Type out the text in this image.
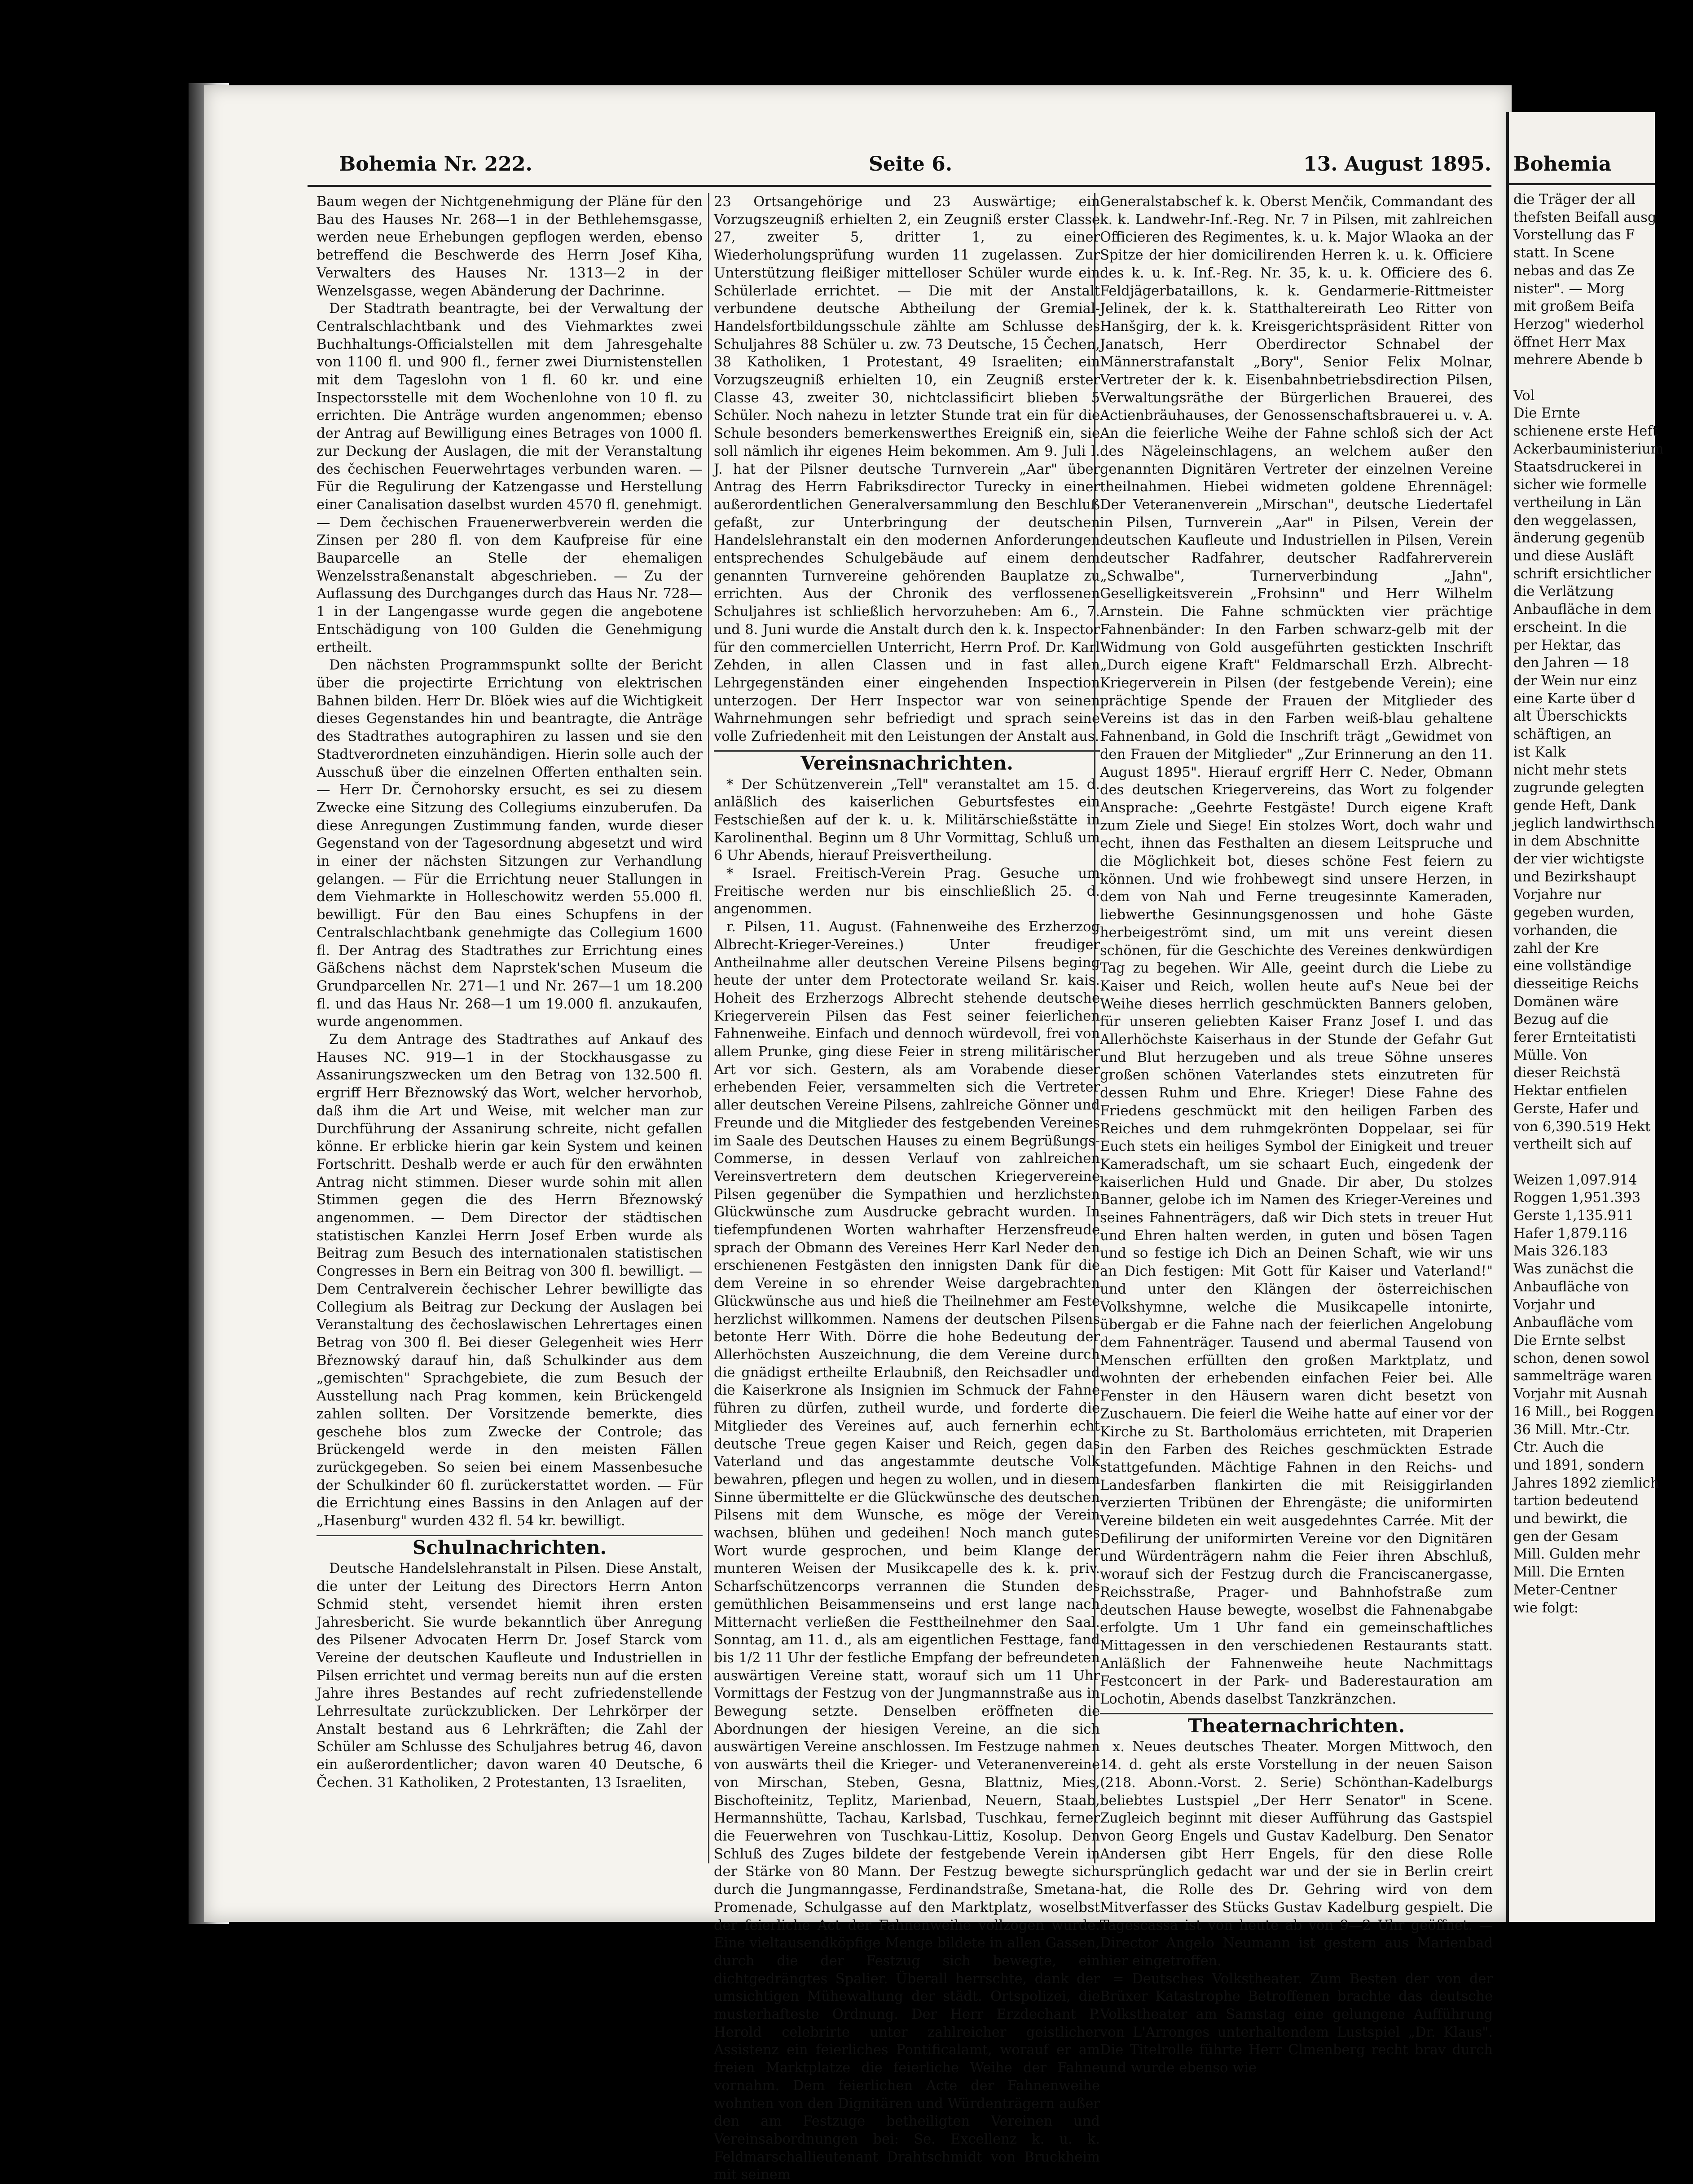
Bohemia Nr. 222.	Seite 6.	13. August 1895.

Baum wegen der Nichtgenehmigung der Pläne für den Bau des Hauses Nr. 268—1 in der Bethlehemsgasse, werden neue Erhebungen gepflogen werden, ebenso betreffend die Beschwerde des Herrn Josef Kiha, Verwalters des Hauses Nr. 1313—2 in der Wenzelsgasse, wegen Abänderung der Dachrinne.

Der Stadtrath beantragte, bei der Verwaltung der Centralschlachtbank und des Viehmarktes zwei Buchhaltungs-Officialstellen mit dem Jahresgehalte von 1100 fl. und 900 fl., ferner zwei Diurnistenstellen mit dem Tageslohn von 1 fl. 60 kr. und eine Inspectorsstelle mit dem Wochenlohne von 10 fl. zu errichten. Die Anträge wurden angenommen; ebenso der Antrag auf Bewilligung eines Betrages von 1000 fl. zur Deckung der Auslagen, die mit der Veranstaltung des čechischen Feuerwehrtages verbunden waren. — Für die Regulirung der Katzengasse und Herstellung einer Canalisation daselbst wurden 4570 fl. genehmigt. — Dem čechischen Frauenerwerbverein werden die Zinsen per 280 fl. von dem Kaufpreise für eine Bauparcelle an Stelle der ehemaligen Wenzelsstraßenanstalt abgeschrieben. — Zu der Auflassung des Durchganges durch das Haus Nr. 728—1 in der Langengasse wurde gegen die angebotene Entschädigung von 100 Gulden die Genehmigung ertheilt.

Den nächsten Programmspunkt sollte der Bericht über die projectirte Errichtung von elektrischen Bahnen bilden. Herr Dr. Blöek wies auf die Wichtigkeit dieses Gegenstandes hin und beantragte, die Anträge des Stadtrathes autographiren zu lassen und sie den Stadtverordneten einzuhändigen. Hierin solle auch der Ausschuß über die einzelnen Offerten enthalten sein. — Herr Dr. Černohorsky ersucht, es sei zu diesem Zwecke eine Sitzung des Collegiums einzuberufen. Da diese Anregungen Zustimmung fanden, wurde dieser Gegenstand von der Tagesordnung abgesetzt und wird in einer der nächsten Sitzungen zur Verhandlung gelangen. — Für die Errichtung neuer Stallungen in dem Viehmarkte in Holleschowitz werden 55.000 fl. bewilligt. Für den Bau eines Schupfens in der Centralschlachtbank genehmigte das Collegium 1600 fl. Der Antrag des Stadtrathes zur Errichtung eines Gäßchens nächst dem Naprstek'schen Museum die Grundparcellen Nr. 271—1 und Nr. 267—1 um 18.200 fl. und das Haus Nr. 268—1 um 19.000 fl. anzukaufen, wurde angenommen.

Zu dem Antrage des Stadtrathes auf Ankauf des Hauses NC. 919—1 in der Stockhausgasse zu Assanirungszwecken um den Betrag von 132.500 fl. ergriff Herr Březnowský das Wort, welcher hervorhob, daß ihm die Art und Weise, mit welcher man zur Durchführung der Assanirung schreite, nicht gefallen könne. Er erblicke hierin gar kein System und keinen Fortschritt. Deshalb werde er auch für den erwähnten Antrag nicht stimmen. Dieser wurde sohin mit allen Stimmen gegen die des Herrn Březnowský angenommen. — Dem Director der städtischen statistischen Kanzlei Herrn Josef Erben wurde als Beitrag zum Besuch des internationalen statistischen Congresses in Bern ein Beitrag von 300 fl. bewilligt. — Dem Centralverein čechischer Lehrer bewilligte das Collegium als Beitrag zur Deckung der Auslagen bei Veranstaltung des čechoslawischen Lehrertages einen Betrag von 300 fl. Bei dieser Gelegenheit wies Herr Březnowský darauf hin, daß Schulkinder aus dem „gemischten" Sprachgebiete, die zum Besuch der Ausstellung nach Prag kommen, kein Brückengeld zahlen sollten. Der Vorsitzende bemerkte, dies geschehe blos zum Zwecke der Controle; das Brückengeld werde in den meisten Fällen zurückgegeben. So seien bei einem Massenbesuche der Schulkinder 60 fl. zurückerstattet worden. — Für die Errichtung eines Bassins in den Anlagen auf der „Hasenburg" wurden 432 fl. 54 kr. bewilligt.

Schulnachrichten.

Deutsche Handelslehranstalt in Pilsen. Diese Anstalt, die unter der Leitung des Directors Herrn Anton Schmid steht, versendet hiemit ihren ersten Jahresbericht. Sie wurde bekanntlich über Anregung des Pilsener Advocaten Herrn Dr. Josef Starck vom Vereine der deutschen Kaufleute und Industriellen in Pilsen errichtet und vermag bereits nun auf die ersten Jahre ihres Bestandes auf recht zufriedenstellende Lehrresultate zurückzublicken. Der Lehrkörper der Anstalt bestand aus 6 Lehrkräften; die Zahl der Schüler am Schlusse des Schuljahres betrug 46, davon ein außerordentlicher; davon waren 40 Deutsche, 6 Čechen. 31 Katholiken, 2 Protestanten, 13 Israeliten,

23 Ortsangehörige und 23 Auswärtige; ein Vorzugszeugniß erhielten 2, ein Zeugniß erster Classe 27, zweiter 5, dritter 1, zu einer Wiederholungsprüfung wurden 11 zugelassen. Zur Unterstützung fleißiger mittelloser Schüler wurde ein Schülerlade errichtet. — Die mit der Anstalt verbundene deutsche Abtheilung der Gremial-Handelsfortbildungsschule zählte am Schlusse des Schuljahres 88 Schüler u. zw. 73 Deutsche, 15 Čechen, 38 Katholiken, 1 Protestant, 49 Israeliten; ein Vorzugszeugniß erhielten 10, ein Zeugniß erster Classe 43, zweiter 30, nichtclassificirt blieben 5 Schüler. Noch nahezu in letzter Stunde trat ein für die Schule besonders bemerkenswerthes Ereigniß ein, sie soll nämlich ihr eigenes Heim bekommen. Am 9. Juli l. J. hat der Pilsner deutsche Turnverein „Aar" über Antrag des Herrn Fabriksdirector Turecky in einer außerordentlichen Generalversammlung den Beschluß gefaßt, zur Unterbringung der deutschen Handelslehranstalt ein den modernen Anforderungen entsprechendes Schulgebäude auf einem dem genannten Turnvereine gehörenden Bauplatze zu errichten. Aus der Chronik des verflossenen Schuljahres ist schließlich hervorzuheben: Am 6., 7. und 8. Juni wurde die Anstalt durch den k. k. Inspector für den commerciellen Unterricht, Herrn Prof. Dr. Karl Zehden, in allen Classen und in fast allen Lehrgegenständen einer eingehenden Inspection unterzogen. Der Herr Inspector war von seinen Wahrnehmungen sehr befriedigt und sprach seine volle Zufriedenheit mit den Leistungen der Anstalt aus.

Vereinsnachrichten.

* Der Schützenverein „Tell" veranstaltet am 15. d. anläßlich des kaiserlichen Geburtsfestes ein Festschießen auf der k. u. k. Militärschießstätte in Karolinenthal. Beginn um 8 Uhr Vormittag, Schluß um 6 Uhr Abends, hierauf Preisvertheilung.

* Israel. Freitisch-Verein Prag. Gesuche um Freitische werden nur bis einschließlich 25. d. angenommen.

r. Pilsen, 11. August. (Fahnenweihe des Erzherzog Albrecht-Krieger-Vereines.) Unter freudiger Antheilnahme aller deutschen Vereine Pilsens beging heute der unter dem Protectorate weiland Sr. kais. Hoheit des Erzherzogs Albrecht stehende deutsche Kriegerverein Pilsen das Fest seiner feierlichen Fahnenweihe. Einfach und dennoch würdevoll, frei von allem Prunke, ging diese Feier in streng militärischer Art vor sich. Gestern, als am Vorabende dieser erhebenden Feier, versammelten sich die Vertreter aller deutschen Vereine Pilsens, zahlreiche Gönner und Freunde und die Mitglieder des festgebenden Vereines im Saale des Deutschen Hauses zu einem Begrüßungs-Commerse, in dessen Verlauf von zahlreichen Vereinsvertretern dem deutschen Kriegervereine Pilsen gegenüber die Sympathien und herzlichsten Glückwünsche zum Ausdrucke gebracht wurden. In tiefempfundenen Worten wahrhafter Herzensfreude sprach der Obmann des Vereines Herr Karl Neder den erschienenen Festgästen den innigsten Dank für die dem Vereine in so ehrender Weise dargebrachten Glückwünsche aus und hieß die Theilnehmer am Feste herzlichst willkommen. Namens der deutschen Pilsens betonte Herr With. Dörre die hohe Bedeutung der Allerhöchsten Auszeichnung, die dem Vereine durch die gnädigst ertheilte Erlaubniß, den Reichsadler und die Kaiserkrone als Insignien im Schmuck der Fahne führen zu dürfen, zutheil wurde, und forderte die Mitglieder des Vereines auf, auch fernerhin echt deutsche Treue gegen Kaiser und Reich, gegen das Vaterland und das angestammte deutsche Volk bewahren, pflegen und hegen zu wollen, und in diesem Sinne übermittelte er die Glückwünsche des deutschen Pilsens mit dem Wunsche, es möge der Verein wachsen, blühen und gedeihen! Noch manch gutes Wort wurde gesprochen, und beim Klange der munteren Weisen der Musikcapelle des k. k. priv. Scharfschützencorps verrannen die Stunden des gemüthlichen Beisammenseins und erst lange nach Mitternacht verließen die Festtheilnehmer den Saal. Sonntag, am 11. d., als am eigentlichen Festtage, fand bis 1/2 11 Uhr der festliche Empfang der befreundeten auswärtigen Vereine statt, worauf sich um 11 Uhr Vormittags der Festzug von der Jungmannstraße aus in Bewegung setzte. Denselben eröffneten die Abordnungen der hiesigen Vereine, an die sich auswärtigen Vereine anschlossen. Im Festzuge nahmen von auswärts theil die Krieger- und Veteranenvereine von Mirschan, Steben, Gesna, Blattniz, Mies, Bischofteinitz, Teplitz, Marienbad, Neuern, Staab, Hermannshütte, Tachau, Karlsbad, Tuschkau, ferner die Feuerwehren von Tuschkau-Littiz, Kosolup. Den Schluß des Zuges bildete der festgebende Verein in der Stärke von 80 Mann. Der Festzug bewegte sich durch die Jungmanngasse, Ferdinandstraße, Smetana-Promenade, Schulgasse auf den Marktplatz, woselbst der feierliche Act der Fahnenweihe vollzogen wurde. Eine vieltausendköpfige Menge bildete in allen Gassen, durch die der Festzug sich bewegte, ein dichtgedrängtes Spalier. Überall herrschte, dank der umsichtigen Mühewaltung der städt. Ortspolizei, die musterhafteste Ordnung. Der Herr Erzdechant P. Herold celebrirte unter zahlreicher geistlicher Assistenz ein feierliches Pontificalamt, worauf er am freien Marktplatze die feierliche Weihe der Fahne vornahm. Dem feierlichen Acte der Fahnenweihe wohnten von den Dignitären und Würdenträgern außer den am Festzuge betheiligten Vereinen und Vereinsabordnungen bei: Se. Excellenz k. u. k. Feldmarschallieutenant Drahtschmidt von Bruckheim mit seinem

Generalstabschef k. k. Oberst Menčik, Commandant des k. k. Landwehr-Inf.-Reg. Nr. 7 in Pilsen, mit zahlreichen Officieren des Regimentes, k. u. k. Major Wlaoka an der Spitze der hier domicilirenden Herren k. u. k. Officiere des k. u. k. Inf.-Reg. Nr. 35, k. u. k. Officiere des 6. Feldjägerbataillons, k. k. Gendarmerie-Rittmeister Jelinek, der k. k. Statthaltereirath Leo Ritter von Hanšgirg, der k. k. Kreisgerichtspräsident Ritter von Janatsch, Herr Oberdirector Schnabel der Männerstrafanstalt „Bory", Senior Felix Molnar, Vertreter der k. k. Eisenbahnbetriebsdirection Pilsen, Verwaltungsräthe der Bürgerlichen Brauerei, des Actienbräuhauses, der Genossenschaftsbrauerei u. v. A. An die feierliche Weihe der Fahne schloß sich der Act des Nägeleinschlagens, an welchem außer den genannten Dignitären Vertreter der einzelnen Vereine theilnahmen. Hiebei widmeten goldene Ehrennägel: Der Veteranenverein „Mirschan", deutsche Liedertafel in Pilsen, Turnverein „Aar" in Pilsen, Verein der deutschen Kaufleute und Industriellen in Pilsen, Verein deutscher Radfahrer, deutscher Radfahrerverein „Schwalbe", Turnerverbindung „Jahn", Geselligkeitsverein „Frohsinn" und Herr Wilhelm Arnstein. Die Fahne schmückten vier prächtige Fahnenbänder: In den Farben schwarz-gelb mit der Widmung von Gold ausgeführten gestickten Inschrift „Durch eigene Kraft" Feldmarschall Erzh. Albrecht-Kriegerverein in Pilsen (der festgebende Verein); eine prächtige Spende der Frauen der Mitglieder des Vereins ist das in den Farben weiß-blau gehaltene Fahnenband, in Gold die Inschrift trägt „Gewidmet von den Frauen der Mitglieder" „Zur Erinnerung an den 11. August 1895". Hierauf ergriff Herr C. Neder, Obmann des deutschen Kriegervereins, das Wort zu folgender Ansprache: „Geehrte Festgäste! Durch eigene Kraft zum Ziele und Siege! Ein stolzes Wort, doch wahr und echt, ihnen das Festhalten an diesem Leitspruche und die Möglichkeit bot, dieses schöne Fest feiern zu können. Und wie frohbewegt sind unsere Herzen, in dem von Nah und Ferne treugesinnte Kameraden, liebwerthe Gesinnungsgenossen und hohe Gäste herbeigeströmt sind, um mit uns vereint diesen schönen, für die Geschichte des Vereines denkwürdigen Tag zu begehen. Wir Alle, geeint durch die Liebe zu Kaiser und Reich, wollen heute auf's Neue bei der Weihe dieses herrlich geschmückten Banners geloben, für unseren geliebten Kaiser Franz Josef I. und das Allerhöchste Kaiserhaus in der Stunde der Gefahr Gut und Blut herzugeben und als treue Söhne unseres großen schönen Vaterlandes stets einzutreten für dessen Ruhm und Ehre. Krieger! Diese Fahne des Friedens geschmückt mit den heiligen Farben des Reiches und dem ruhmgekrönten Doppelaar, sei für Euch stets ein heiliges Symbol der Einigkeit und treuer Kameradschaft, um sie schaart Euch, eingedenk der kaiserlichen Huld und Gnade. Dir aber, Du stolzes Banner, gelobe ich im Namen des Krieger-Vereines und seines Fahnenträgers, daß wir Dich stets in treuer Hut und Ehren halten werden, in guten und bösen Tagen und so festige ich Dich an Deinen Schaft, wie wir uns an Dich festigen: Mit Gott für Kaiser und Vaterland!" und unter den Klängen der österreichischen Volkshymne, welche die Musikcapelle intonirte, übergab er die Fahne nach der feierlichen Angelobung dem Fahnenträger. Tausend und abermal Tausend von Menschen erfüllten den großen Marktplatz, und wohnten der erhebenden einfachen Feier bei. Alle Fenster in den Häusern waren dicht besetzt von Zuschauern. Die feierl die Weihe hatte auf einer vor der Kirche zu St. Bartholomäus errichteten, mit Draperien in den Farben des Reiches geschmückten Estrade stattgefunden. Mächtige Fahnen in den Reichs- und Landesfarben flankirten die mit Reisiggirlanden verzierten Tribünen der Ehrengäste; die uniformirten Vereine bildeten ein weit ausgedehntes Carrée. Mit der Defilirung der uniformirten Vereine vor den Dignitären und Würdenträgern nahm die Feier ihren Abschluß, worauf sich der Festzug durch die Franciscanergasse, Reichsstraße, Prager- und Bahnhofstraße zum deutschen Hause bewegte, woselbst die Fahnenabgabe erfolgte. Um 1 Uhr fand ein gemeinschaftliches Mittagessen in den verschiedenen Restaurants statt. Anläßlich der Fahnenweihe heute Nachmittags Festconcert in der Park- und Baderestauration am Lochotin, Abends daselbst Tanzkränzchen.

Theaternachrichten.

x. Neues deutsches Theater. Morgen Mittwoch, den 14. d. geht als erste Vorstellung in der neuen Saison (218. Abonn.-Vorst. 2. Serie) Schönthan-Kadelburgs beliebtes Lustspiel „Der Herr Senator" in Scene. Zugleich beginnt mit dieser Aufführung das Gastspiel von Georg Engels und Gustav Kadelburg. Den Senator Andersen gibt Herr Engels, für den diese Rolle ursprünglich gedacht war und der sie in Berlin creirt hat, die Rolle des Dr. Gehring wird von dem Mitverfasser des Stücks Gustav Kadelburg gespielt. Die Tagescassa ist von heute ab von 9—2 Uhr geöffnet. — Director Angelo Neumann ist gestern aus Marienbad hier eingetroffen.

= Deutsches Volkstheater. Zum Besten der von der Brüxer Katastrophe Betroffenen brachte das deutsche Volkstheater am Samstag eine gelungene Aufführung von L'Arronges unterhaltendem Lustspiel „Dr. Klaus". Die Titelrolle führte Herr Clmenberg recht brav durch und wurde ebenso wie

Bohemia
die Träger der all
thefsten Beifall ausg
Vorstellung das F
statt. In Scene
nebas and das Ze
nister". — Morg
mit großem Beifa
Herzog" wiederhol
öffnet Herr Max
mehrere Abende b

Vol
Die Ernte
schienene erste Heft
Ackerbauministerium
Staatsdruckerei in
sicher wie formelle
vertheilung in Län
den weggelassen,
änderung gegenüb
und diese Ausläft
schrift ersichtlicher
die Verlätzung
Anbaufläche in dem
erscheint. In die
per Hektar, das
den Jahren — 18
der Wein nur einz
eine Karte über d
alt Überschickts
schäftigen, an
ist Kalk
nicht mehr stets
zugrunde gelegten
gende Heft, Dank
jeglich landwirthsch
in dem Abschnitte
der vier wichtigste
und Bezirkshaupt
Vorjahre nur
gegeben wurden,
vorhanden, die
zahl der Kre
eine vollständige
diesseitige Reichs
Domänen wäre
Bezug auf die
ferer Ernteitatisti
Mülle. Von
dieser Reichstä
Hektar entfielen
Gerste, Hafer und
von 6,390.519 Hekt
vertheilt sich auf

Weizen 1,097.914
Roggen 1,951.393
Gerste 1,135.911
Hafer 1,879.116
Mais 326.183
Was zunächst die
Anbaufläche von
Vorjahr und
Anbaufläche vom
Die Ernte selbst
schon, denen sowol
sammelträge waren
Vorjahr mit Ausnah
16 Mill., bei Roggen
36 Mill. Mtr.-Ctr.
Ctr. Auch die
und 1891, sondern
Jahres 1892 ziemlich
tartion bedeutend
und bewirkt, die
gen der Gesam
Mill. Gulden mehr
Mill. Die Ernten
Meter-Centner
wie folgt:
